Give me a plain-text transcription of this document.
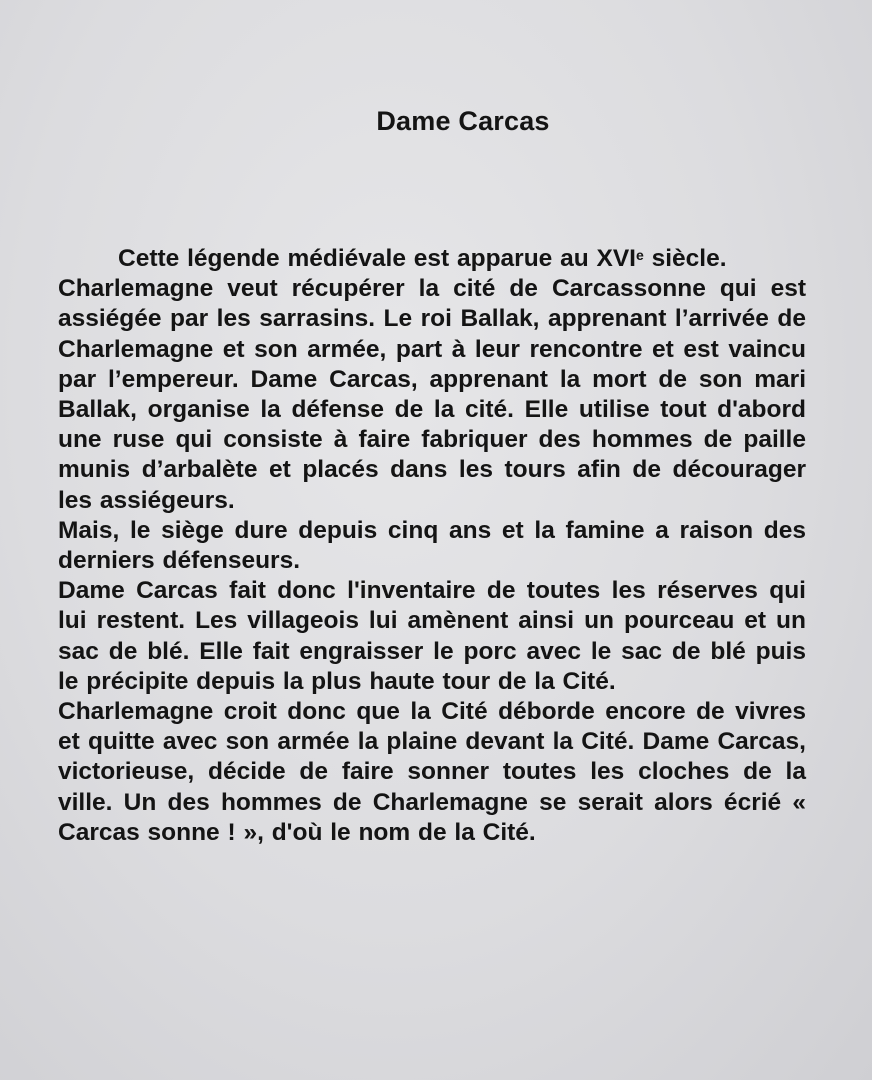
Dame Carcas

Cette légende médiévale est apparue au XVIe siècle.

Charlemagne veut récupérer la cité de Carcassonne qui est assiégée par les sarrasins. Le roi Ballak, apprenant l’arrivée de Charlemagne et son armée, part à leur rencontre et est vaincu par l’empereur. Dame Carcas, apprenant la mort de son mari Ballak, organise la défense de la cité. Elle utilise tout d'abord une ruse qui consiste à faire fabriquer des hommes de paille munis d’arbalète et placés dans les tours afin de décourager les assiégeurs.

Mais, le siège dure depuis cinq ans et la famine a raison des derniers défenseurs.

Dame Carcas fait donc l'inventaire de toutes les réserves qui lui restent. Les villageois lui amènent ainsi un pourceau et un sac de blé. Elle fait engraisser le porc avec le sac de blé puis le précipite depuis la plus haute tour de la Cité.

Charlemagne croit donc que la Cité déborde encore de vivres et quitte avec son armée la plaine devant la Cité. Dame Carcas, victorieuse, décide de faire sonner toutes les cloches de la ville. Un des hommes de Charlemagne se serait alors écrié « Carcas sonne ! », d'où le nom de la Cité.
